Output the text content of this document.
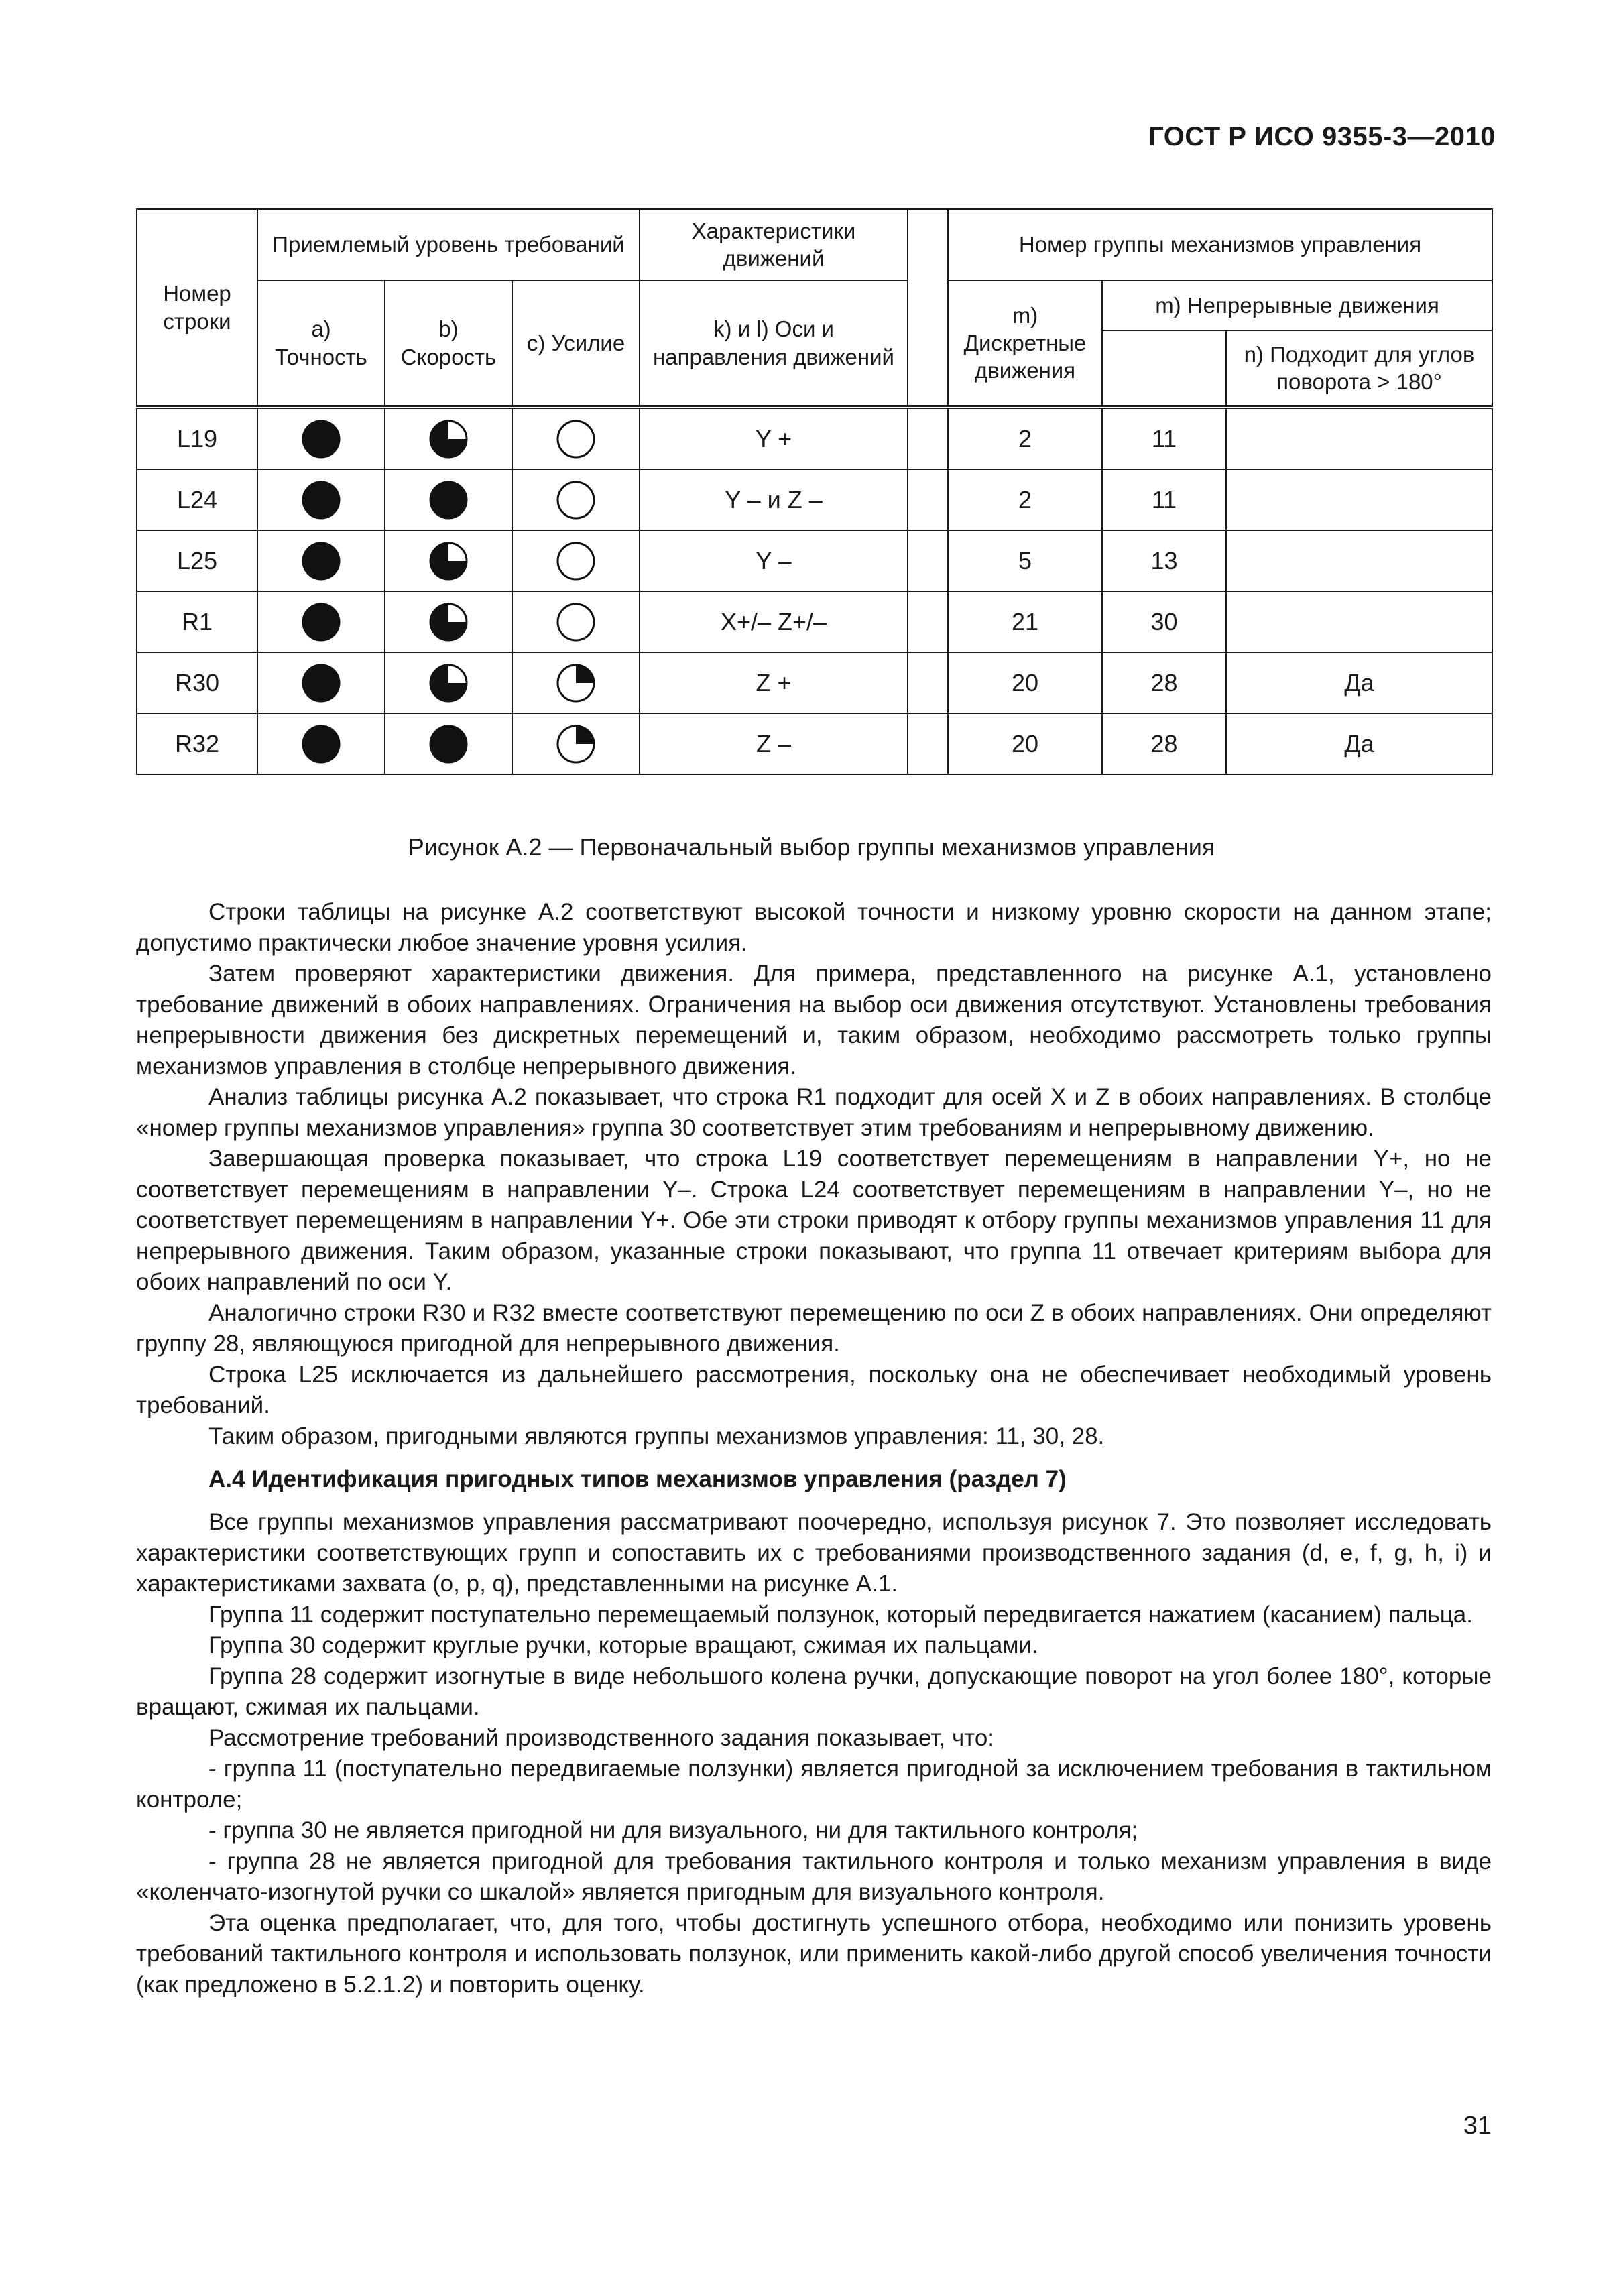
ГОСТ Р ИСО 9355-3—2010
Номер строки	Приемлемый уровень требований			Характеристики движений		Номер группы механизмов управления		
	a) Точность	b) Скорость	c) Усилие	k) и l) Оси и направления движений		m) Дискретные движения	m) Непрерывные движения	
								n) Подходит для углов поворота > 180°

L19				Y +		2	11	
L24				Y – и Z –		2	11	
L25				Y –		5	13	
R1				X+/– Z+/–		21	30	
R30				Z +		20	28	Да
R32				Z –		20	28	Да
Рисунок А.2 — Первоначальный выбор группы механизмов управления

Строки таблицы на рисунке А.2 соответствуют высокой точности и низкому уровню скорости на данном этапе; допустимо практически любое значение уровня усилия.

Затем проверяют характеристики движения. Для примера, представленного на рисунке А.1, установлено требование движений в обоих направлениях. Ограничения на выбор оси движения отсутствуют. Установлены требования непрерывности движения без дискретных перемещений и, таким образом, необходимо рассмотреть только группы механизмов управления в столбце непрерывного движения.

Анализ таблицы рисунка А.2 показывает, что строка R1 подходит для осей X и Z в обоих направлениях. В столбце «номер группы механизмов управления» группа 30 соответствует этим требованиям и непрерывному движению.

Завершающая проверка показывает, что строка L19 соответствует перемещениям в направлении Y+, но не соответствует перемещениям в направлении Y–. Строка L24 соответствует перемещениям в направлении Y–, но не соответствует перемещениям в направлении Y+. Обе эти строки приводят к отбору группы механизмов управления 11 для непрерывного движения. Таким образом, указанные строки показывают, что группа 11 отвечает критериям выбора для обоих направлений по оси Y.

Аналогично строки R30 и R32 вместе соответствуют перемещению по оси Z в обоих направлениях. Они определяют группу 28, являющуюся пригодной для непрерывного движения.

Строка L25 исключается из дальнейшего рассмотрения, поскольку она не обеспечивает необходимый уровень требований.

Таким образом, пригодными являются группы механизмов управления: 11, 30, 28.

А.4 Идентификация пригодных типов механизмов управления (раздел 7)

Все группы механизмов управления рассматривают поочередно, используя рисунок 7. Это позволяет исследовать характеристики соответствующих групп и сопоставить их с требованиями производственного задания (d, e, f, g, h, i) и характеристиками захвата (o, p, q), представленными на рисунке А.1.

Группа 11 содержит поступательно перемещаемый ползунок, который передвигается нажатием (касанием) пальца.

Группа 30 содержит круглые ручки, которые вращают, сжимая их пальцами.

Группа 28 содержит изогнутые в виде небольшого колена ручки, допускающие поворот на угол более 180°, которые вращают, сжимая их пальцами.

Рассмотрение требований производственного задания показывает, что:

- группа 11 (поступательно передвигаемые ползунки) является пригодной за исключением требования в тактильном контроле;

- группа 30 не является пригодной ни для визуального, ни для тактильного контроля;

- группа 28 не является пригодной для требования тактильного контроля и только механизм управления в виде «коленчато-изогнутой ручки со шкалой» является пригодным для визуального контроля.

Эта оценка предполагает, что, для того, чтобы достигнуть успешного отбора, необходимо или понизить уровень требований тактильного контроля и использовать ползунок, или применить какой-либо другой способ увеличения точности (как предложено в 5.2.1.2) и повторить оценку.

31
